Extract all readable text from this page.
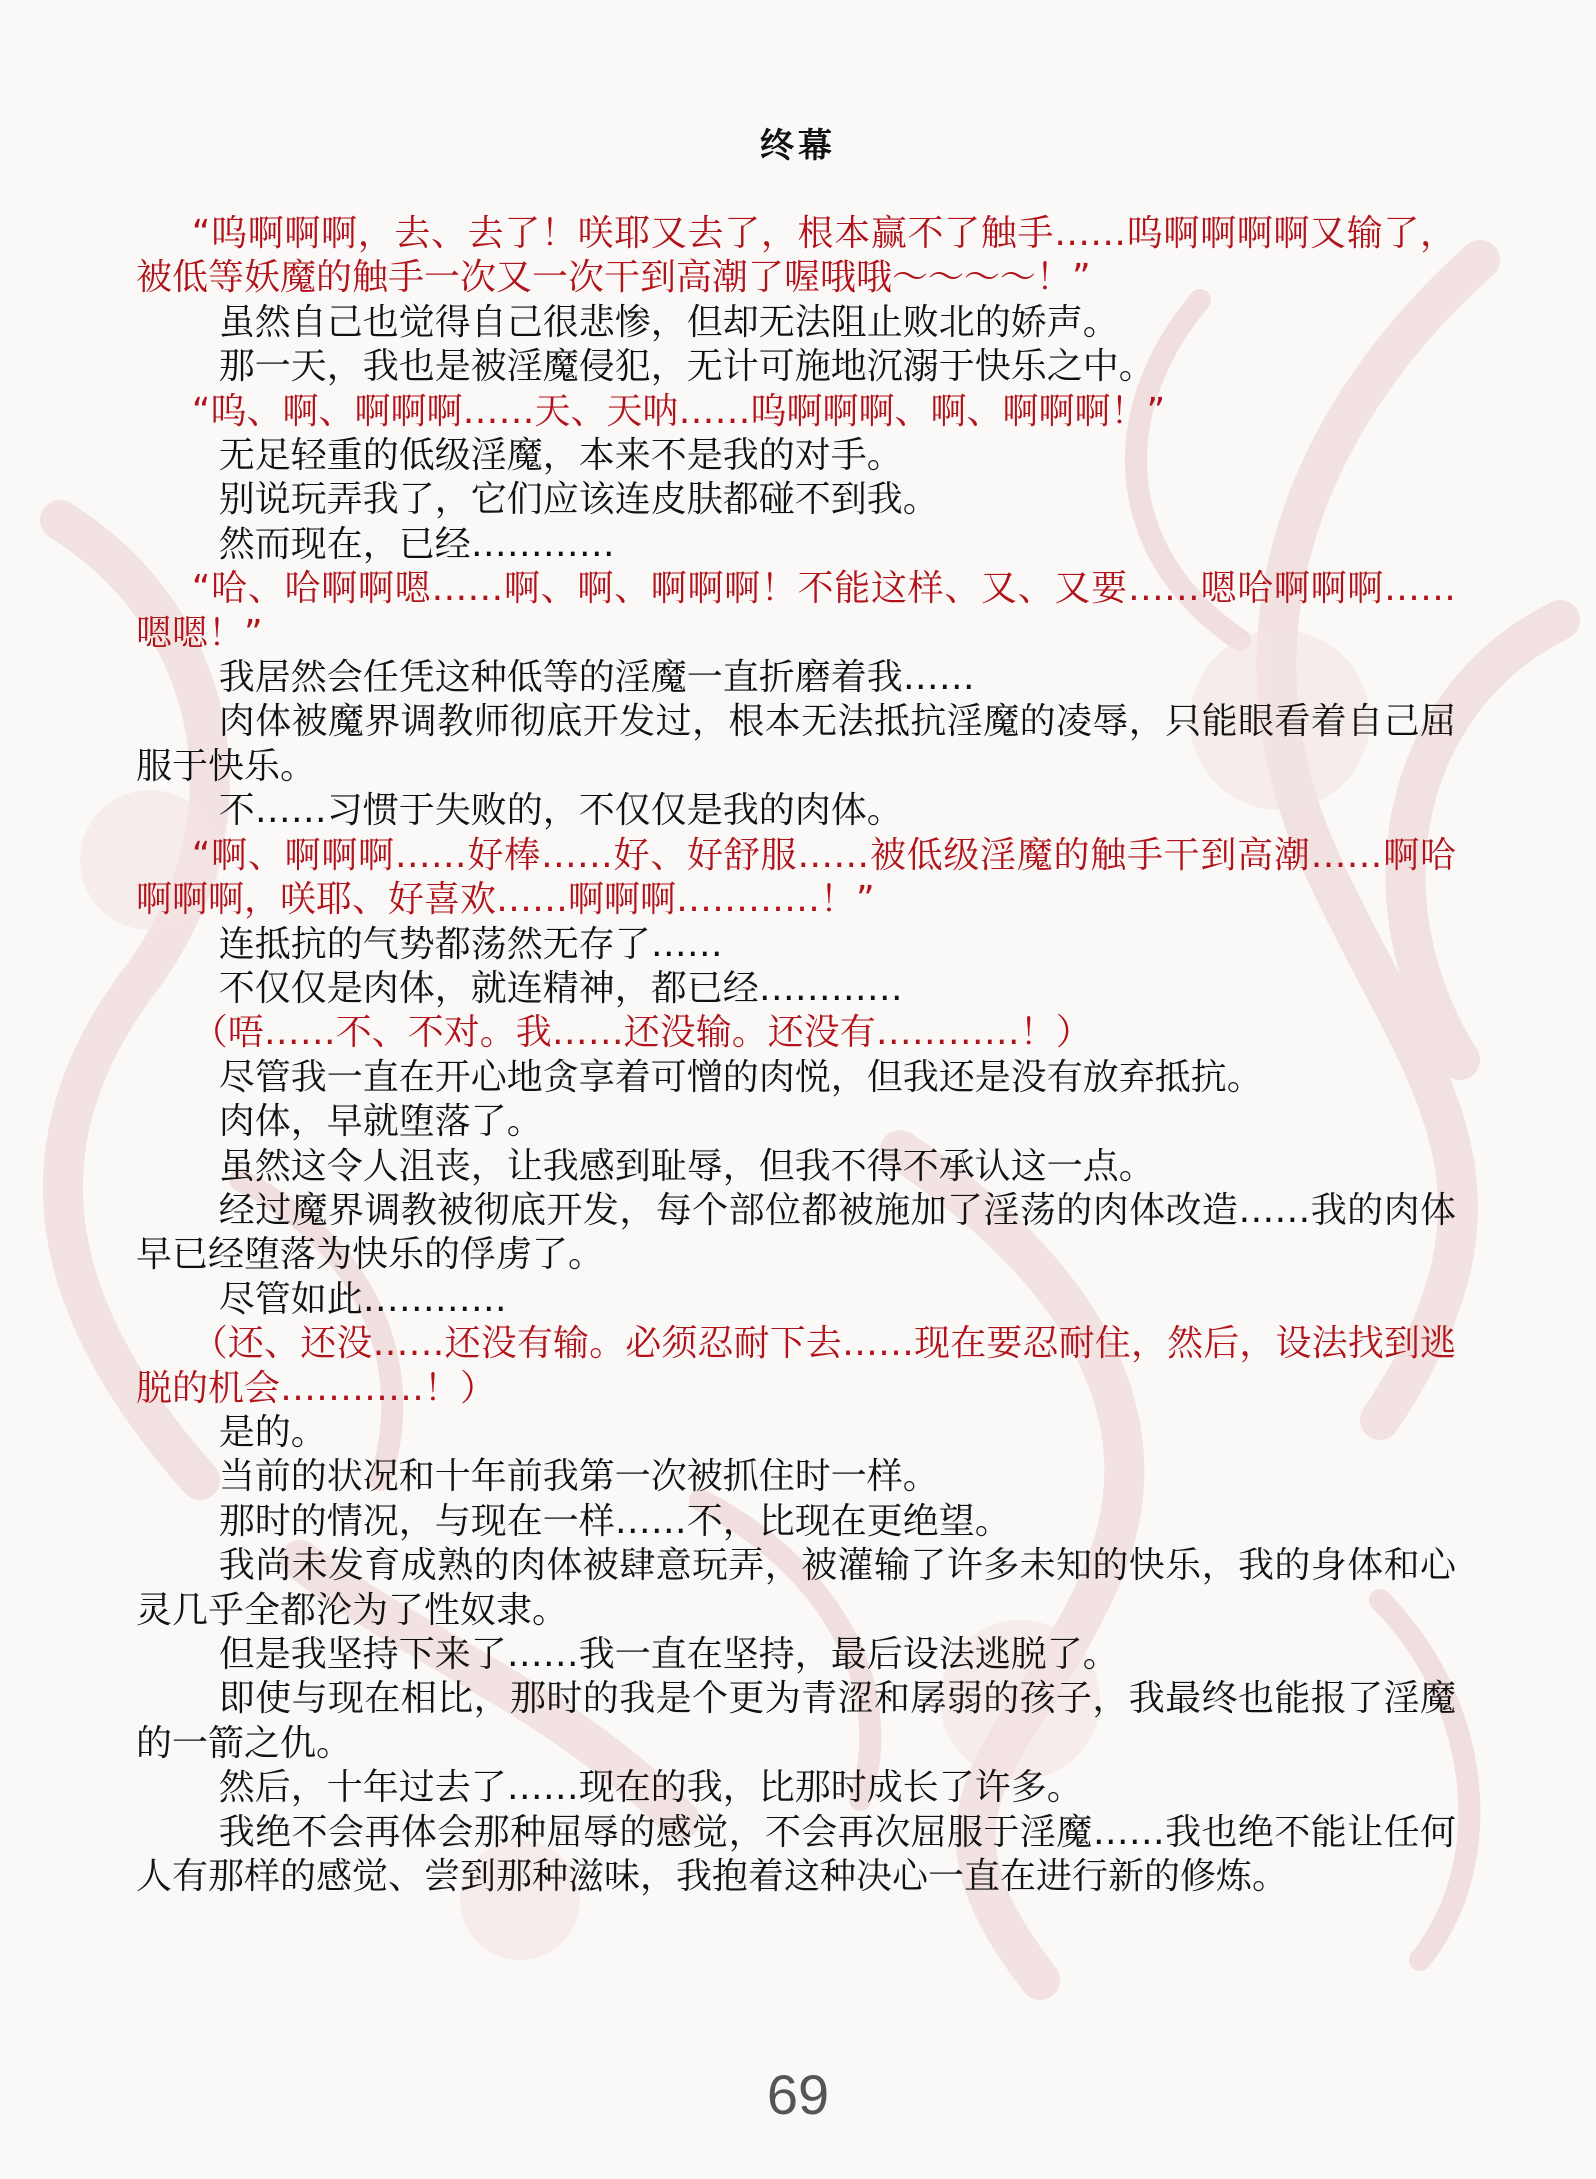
终幕

“呜啊啊啊，去、去了！咲耶又去了，根本赢不了触手……呜啊啊啊啊又输了，被低等妖魔的触手一次又一次干到高潮了喔哦哦～～～～！”

虽然自己也觉得自己很悲惨，但却无法阻止败北的娇声。

那一天，我也是被淫魔侵犯，无计可施地沉溺于快乐之中。

“呜、啊、啊啊啊……天、天呐……呜啊啊啊、啊、啊啊啊！”

无足轻重的低级淫魔，本来不是我的对手。

别说玩弄我了，它们应该连皮肤都碰不到我。

然而现在，已经…………

“哈、哈啊啊嗯……啊、啊、啊啊啊！不能这样、又、又要……嗯哈啊啊啊……嗯嗯！”

我居然会任凭这种低等的淫魔一直折磨着我……

肉体被魔界调教师彻底开发过，根本无法抵抗淫魔的凌辱，只能眼看着自己屈服于快乐。

不……习惯于失败的，不仅仅是我的肉体。

“啊、啊啊啊……好棒……好、好舒服……被低级淫魔的触手干到高潮……啊哈啊啊啊，咲耶、好喜欢……啊啊啊…………！”

连抵抗的气势都荡然无存了……

不仅仅是肉体，就连精神，都已经…………

（唔……不、不对。我……还没输。还没有…………！）

尽管我一直在开心地贪享着可憎的肉悦，但我还是没有放弃抵抗。

肉体，早就堕落了。

虽然这令人沮丧，让我感到耻辱，但我不得不承认这一点。

经过魔界调教被彻底开发，每个部位都被施加了淫荡的肉体改造……我的肉体早已经堕落为快乐的俘虏了。

尽管如此…………

（还、还没……还没有输。必须忍耐下去……现在要忍耐住，然后，设法找到逃脱的机会…………！）

是的。

当前的状况和十年前我第一次被抓住时一样。

那时的情况，与现在一样……不，比现在更绝望。

我尚未发育成熟的肉体被肆意玩弄，被灌输了许多未知的快乐，我的身体和心灵几乎全都沦为了性奴隶。

但是我坚持下来了……我一直在坚持，最后设法逃脱了。

即使与现在相比，那时的我是个更为青涩和孱弱的孩子，我最终也能报了淫魔的一箭之仇。

然后，十年过去了……现在的我，比那时成长了许多。

我绝不会再体会那种屈辱的感觉，不会再次屈服于淫魔……我也绝不能让任何人有那样的感觉、尝到那种滋味，我抱着这种决心一直在进行新的修炼。

69
